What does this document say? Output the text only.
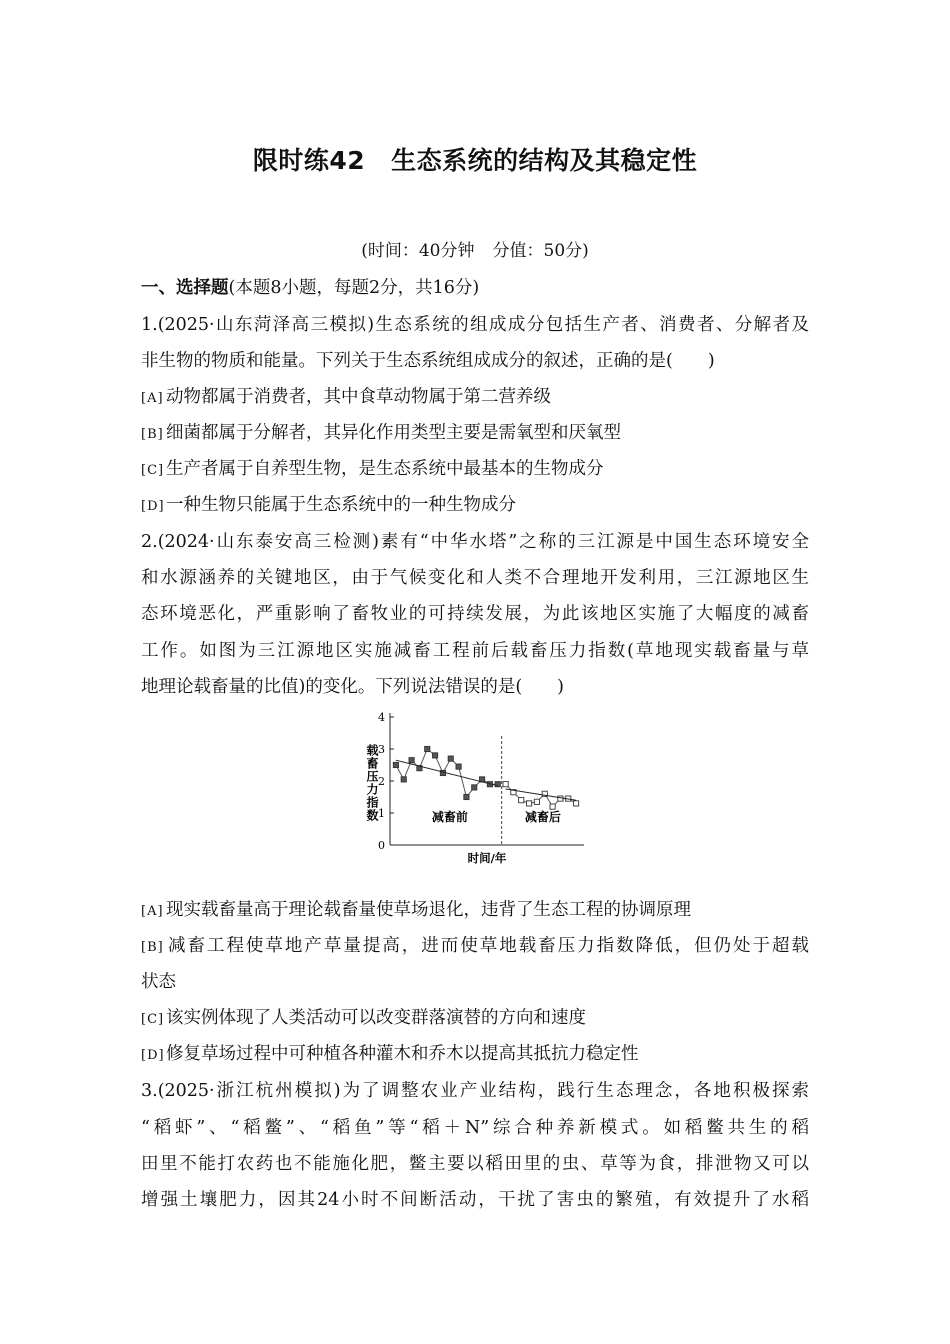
限时练42 生态系统的结构及其稳定性
(时间：40分钟 分值：50分)
一、选择题(本题8小题，每题2分，共16分)
1.(2025·山东菏泽高三模拟)生态系统的组成成分包括生产者、消费者、分解者及
非生物的物质和能量。下列关于生态系统组成成分的叙述，正确的是(　　)
[A] 动物都属于消费者，其中食草动物属于第二营养级
[B] 细菌都属于分解者，其异化作用类型主要是需氧型和厌氧型
[C] 生产者属于自养型生物，是生态系统中最基本的生物成分
[D]一种生物只能属于生态系统中的一种生物成分
2.(2024·山东泰安高三检测)素有“中华水塔”之称的三江源是中国生态环境安全
和水源涵养的关键地区，由于气候变化和人类不合理地开发利用，三江源地区生
态环境恶化，严重影响了畜牧业的可持续发展，为此该地区实施了大幅度的减畜
工作。如图为三江源地区实施减畜工程前后载畜压力指数(草地现实载畜量与草
地理论载畜量的比值)的变化。下列说法错误的是(　　)
0
1
2
3
4
载畜压力指数
时间/年
减畜前	减畜后
[A] 现实载畜量高于理论载畜量使草场退化，违背了生态工程的协调原理
[B] 减畜工程使草地产草量提高，进而使草地载畜压力指数降低，但仍处于超载
状态
[C] 该实例体现了人类活动可以改变群落演替的方向和速度
[D]修复草场过程中可种植各种灌木和乔木以提高其抵抗力稳定性
3.(2025·浙江杭州模拟)为了调整农业产业结构，践行生态理念，各地积极探索
“稻虾”、“稻鳖”、“稻鱼”等“稻＋N”综合种养新模式。如稻鳖共生的稻
田里不能打农药也不能施化肥，鳖主要以稻田里的虫、草等为食，排泄物又可以
增强土壤肥力，因其24小时不间断活动，干扰了害虫的繁殖，有效提升了水稻
